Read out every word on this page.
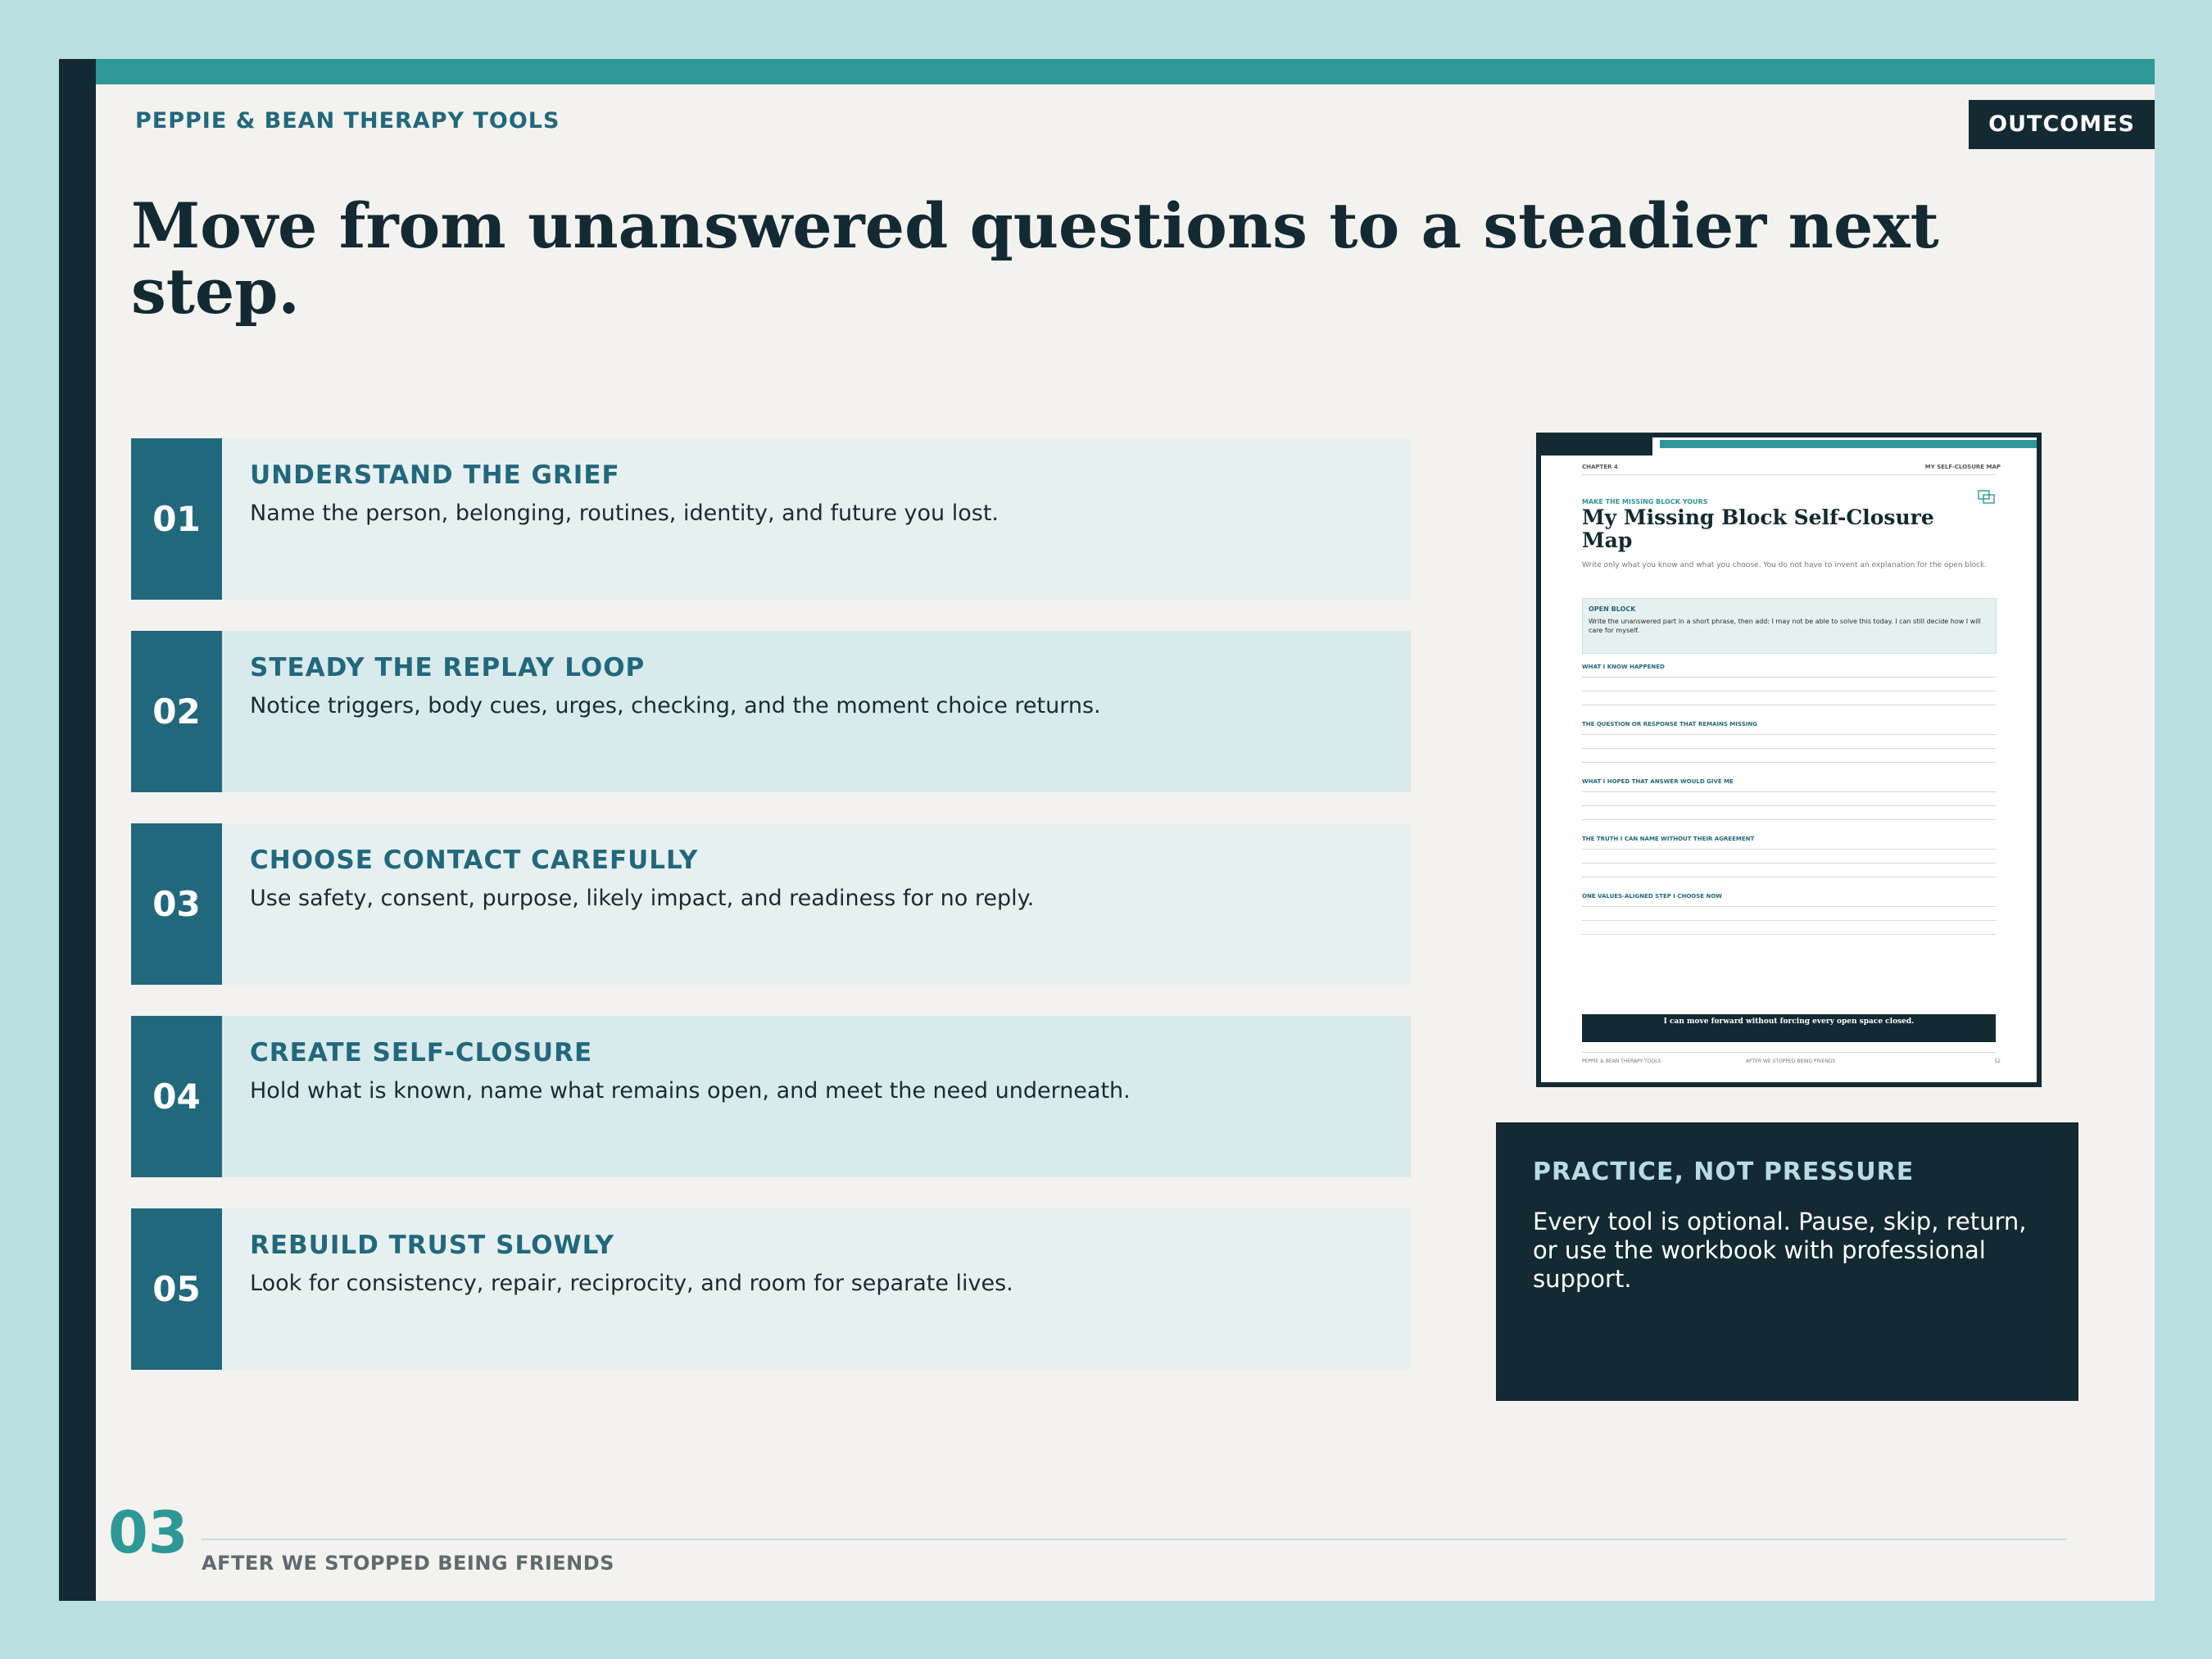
PEPPIE & BEAN THERAPY TOOLS	OUTCOMES
Move from unanswered questions to a steadier next step.
01
UNDERSTAND THE GRIEF
Name the person, belonging, routines, identity, and future you lost.
02
STEADY THE REPLAY LOOP
Notice triggers, body cues, urges, checking, and the moment choice returns.
03
CHOOSE CONTACT CAREFULLY
Use safety, consent, purpose, likely impact, and readiness for no reply.
04
CREATE SELF-CLOSURE
Hold what is known, name what remains open, and meet the need underneath.
05
REBUILD TRUST SLOWLY
Look for consistency, repair, reciprocity, and room for separate lives.
CHAPTER 4	MY SELF-CLOSURE MAP
MAKE THE MISSING BLOCK YOURS
My Missing Block Self-Closure Map
Write only what you know and what you choose. You do not have to invent an explanation for the open block.
OPEN BLOCK
Write the unanswered part in a short phrase, then add: I may not be able to solve this today. I can still decide how I will care for myself.
WHAT I KNOW HAPPENED
THE QUESTION OR RESPONSE THAT REMAINS MISSING
WHAT I HOPED THAT ANSWER WOULD GIVE ME
THE TRUTH I CAN NAME WITHOUT THEIR AGREEMENT
ONE VALUES-ALIGNED STEP I CHOOSE NOW
I can move forward without forcing every open space closed.
PEPPIE & BEAN THERAPY TOOLS	AFTER WE STOPPED BEING FRIENDS	52
PRACTICE, NOT PRESSURE
Every tool is optional. Pause, skip, return, or use the workbook with professional support.
03 AFTER WE STOPPED BEING FRIENDS
